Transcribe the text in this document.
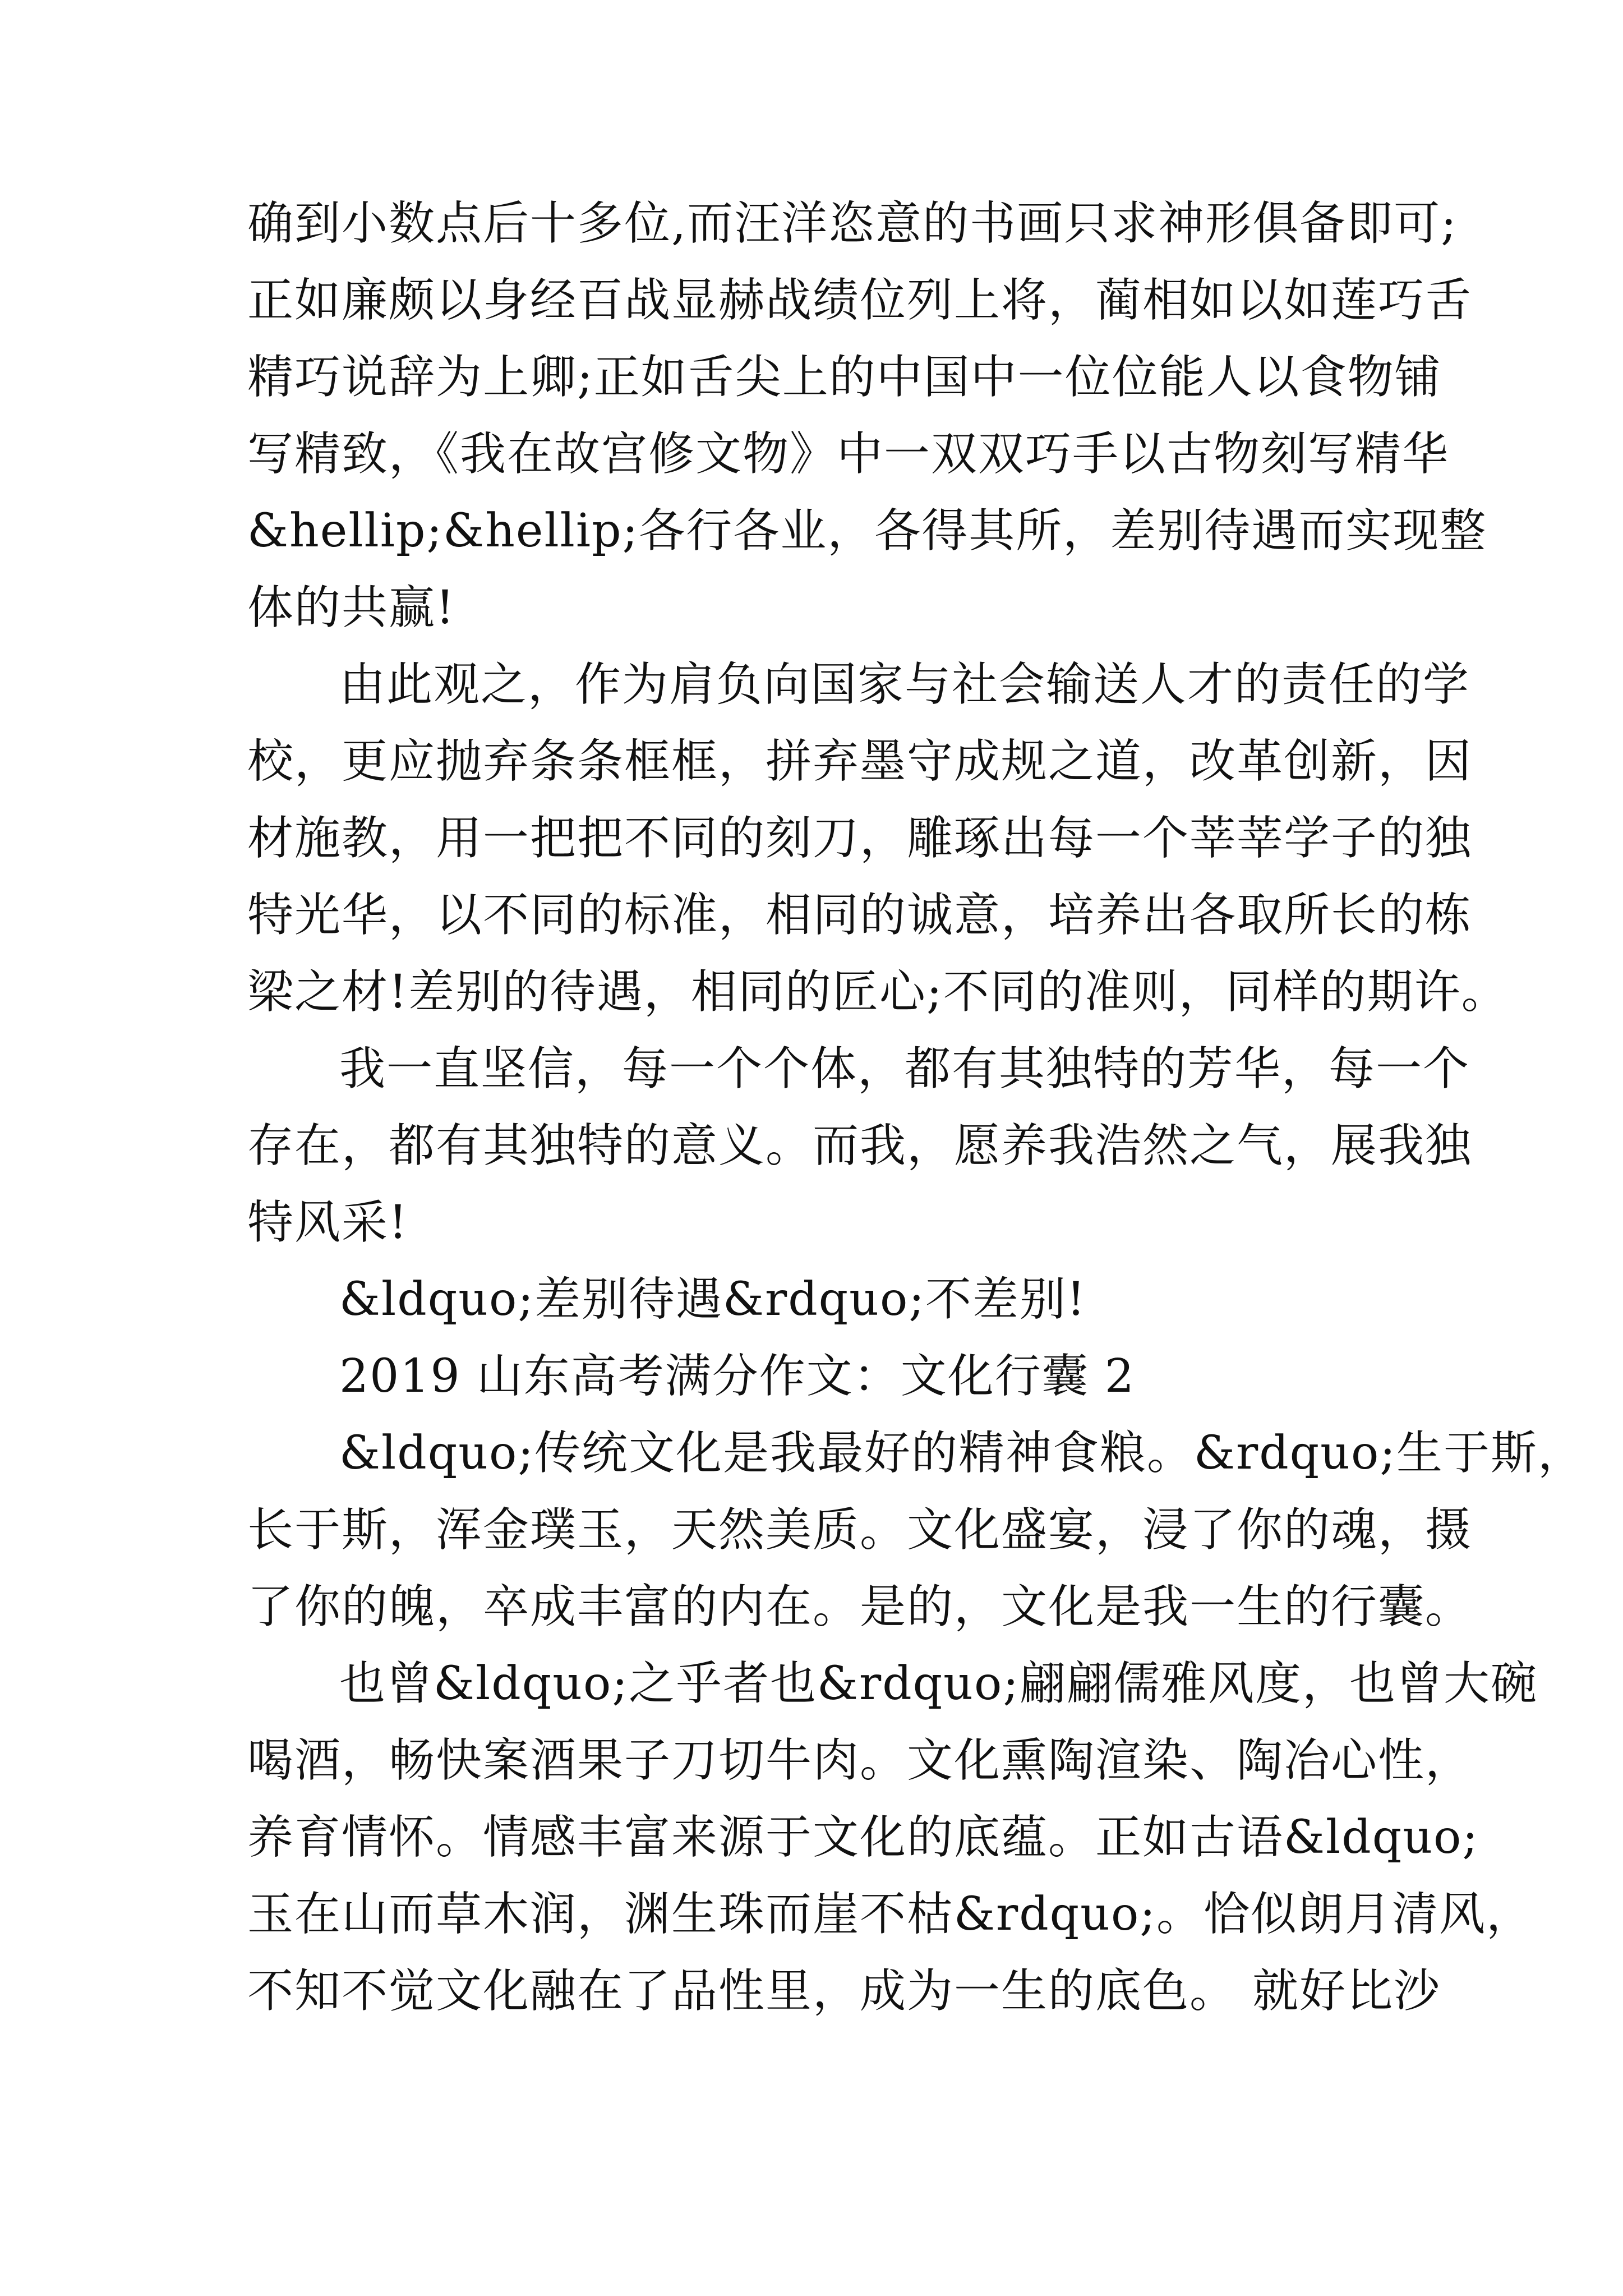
确到小数点后十多位,而汪洋恣意的书画只求神形俱备即可;
正如廉颇以身经百战显赫战绩位列上将，蔺相如以如莲巧舌
精巧说辞为上卿;正如舌尖上的中国中一位位能人以食物铺
写精致，《我在故宫修文物》中一双双巧手以古物刻写精华
&hellip;&hellip;各行各业，各得其所，差别待遇而实现整
体的共赢!
由此观之，作为肩负向国家与社会输送人才的责任的学
校，更应抛弃条条框框，拼弃墨守成规之道，改革创新，因
材施教，用一把把不同的刻刀，雕琢出每一个莘莘学子的独
特光华，以不同的标准，相同的诚意，培养出各取所长的栋
梁之材!差别的待遇，相同的匠心;不同的准则，同样的期许。
我一直坚信，每一个个体，都有其独特的芳华，每一个
存在，都有其独特的意义。而我，愿养我浩然之气，展我独
特风采!
&ldquo;差别待遇&rdquo;不差别!
2019 山东高考满分作文：文化行囊 2
&ldquo;传统文化是我最好的精神食粮。&rdquo;生于斯，
长于斯，浑金璞玉，天然美质。文化盛宴，浸了你的魂，摄
了你的魄，卒成丰富的内在。是的，文化是我一生的行囊。
也曾&ldquo;之乎者也&rdquo;翩翩儒雅风度，也曾大碗
喝酒，畅快案酒果子刀切牛肉。文化熏陶渲染、陶冶心性，
养育情怀。情感丰富来源于文化的底蕴。正如古语&ldquo;
玉在山而草木润，渊生珠而崖不枯&rdquo;。恰似朗月清风，
不知不觉文化融在了品性里，成为一生的底色。 就好比沙
